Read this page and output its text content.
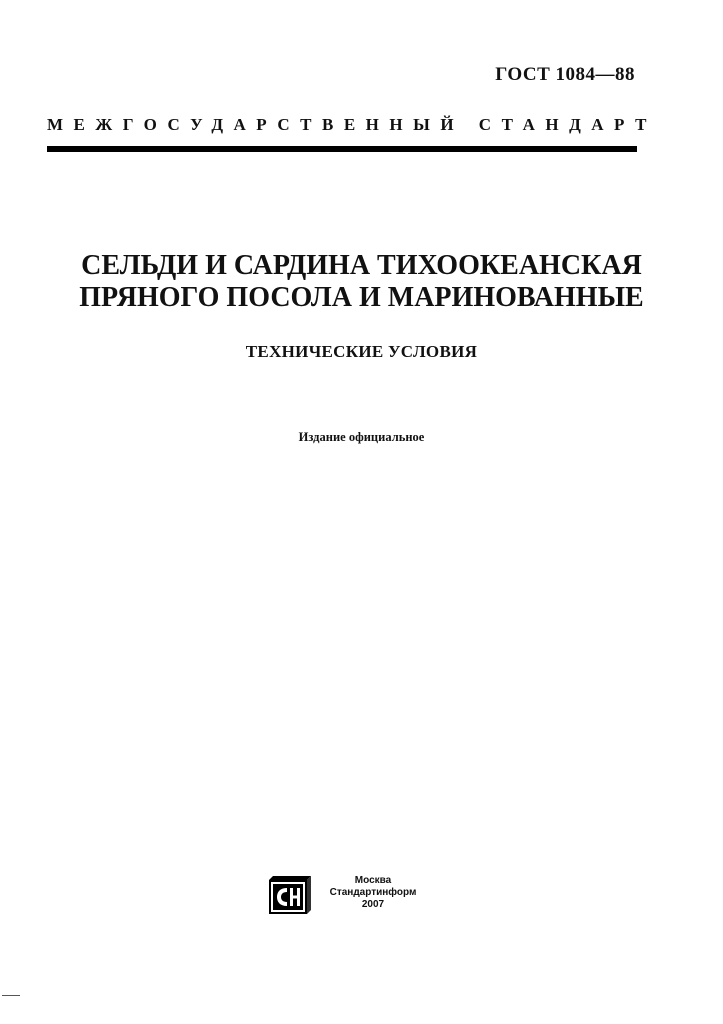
ГОСТ 1084—88
МЕЖГОСУДАРСТВЕННЫЙ СТАНДАРТ
СЕЛЬДИ И САРДИНА ТИХООКЕАНСКАЯ
ПРЯНОГО ПОСОЛА И МАРИНОВАННЫЕ
ТЕХНИЧЕСКИЕ УСЛОВИЯ
Издание официальное
Москва
Стандартинформ
2007
